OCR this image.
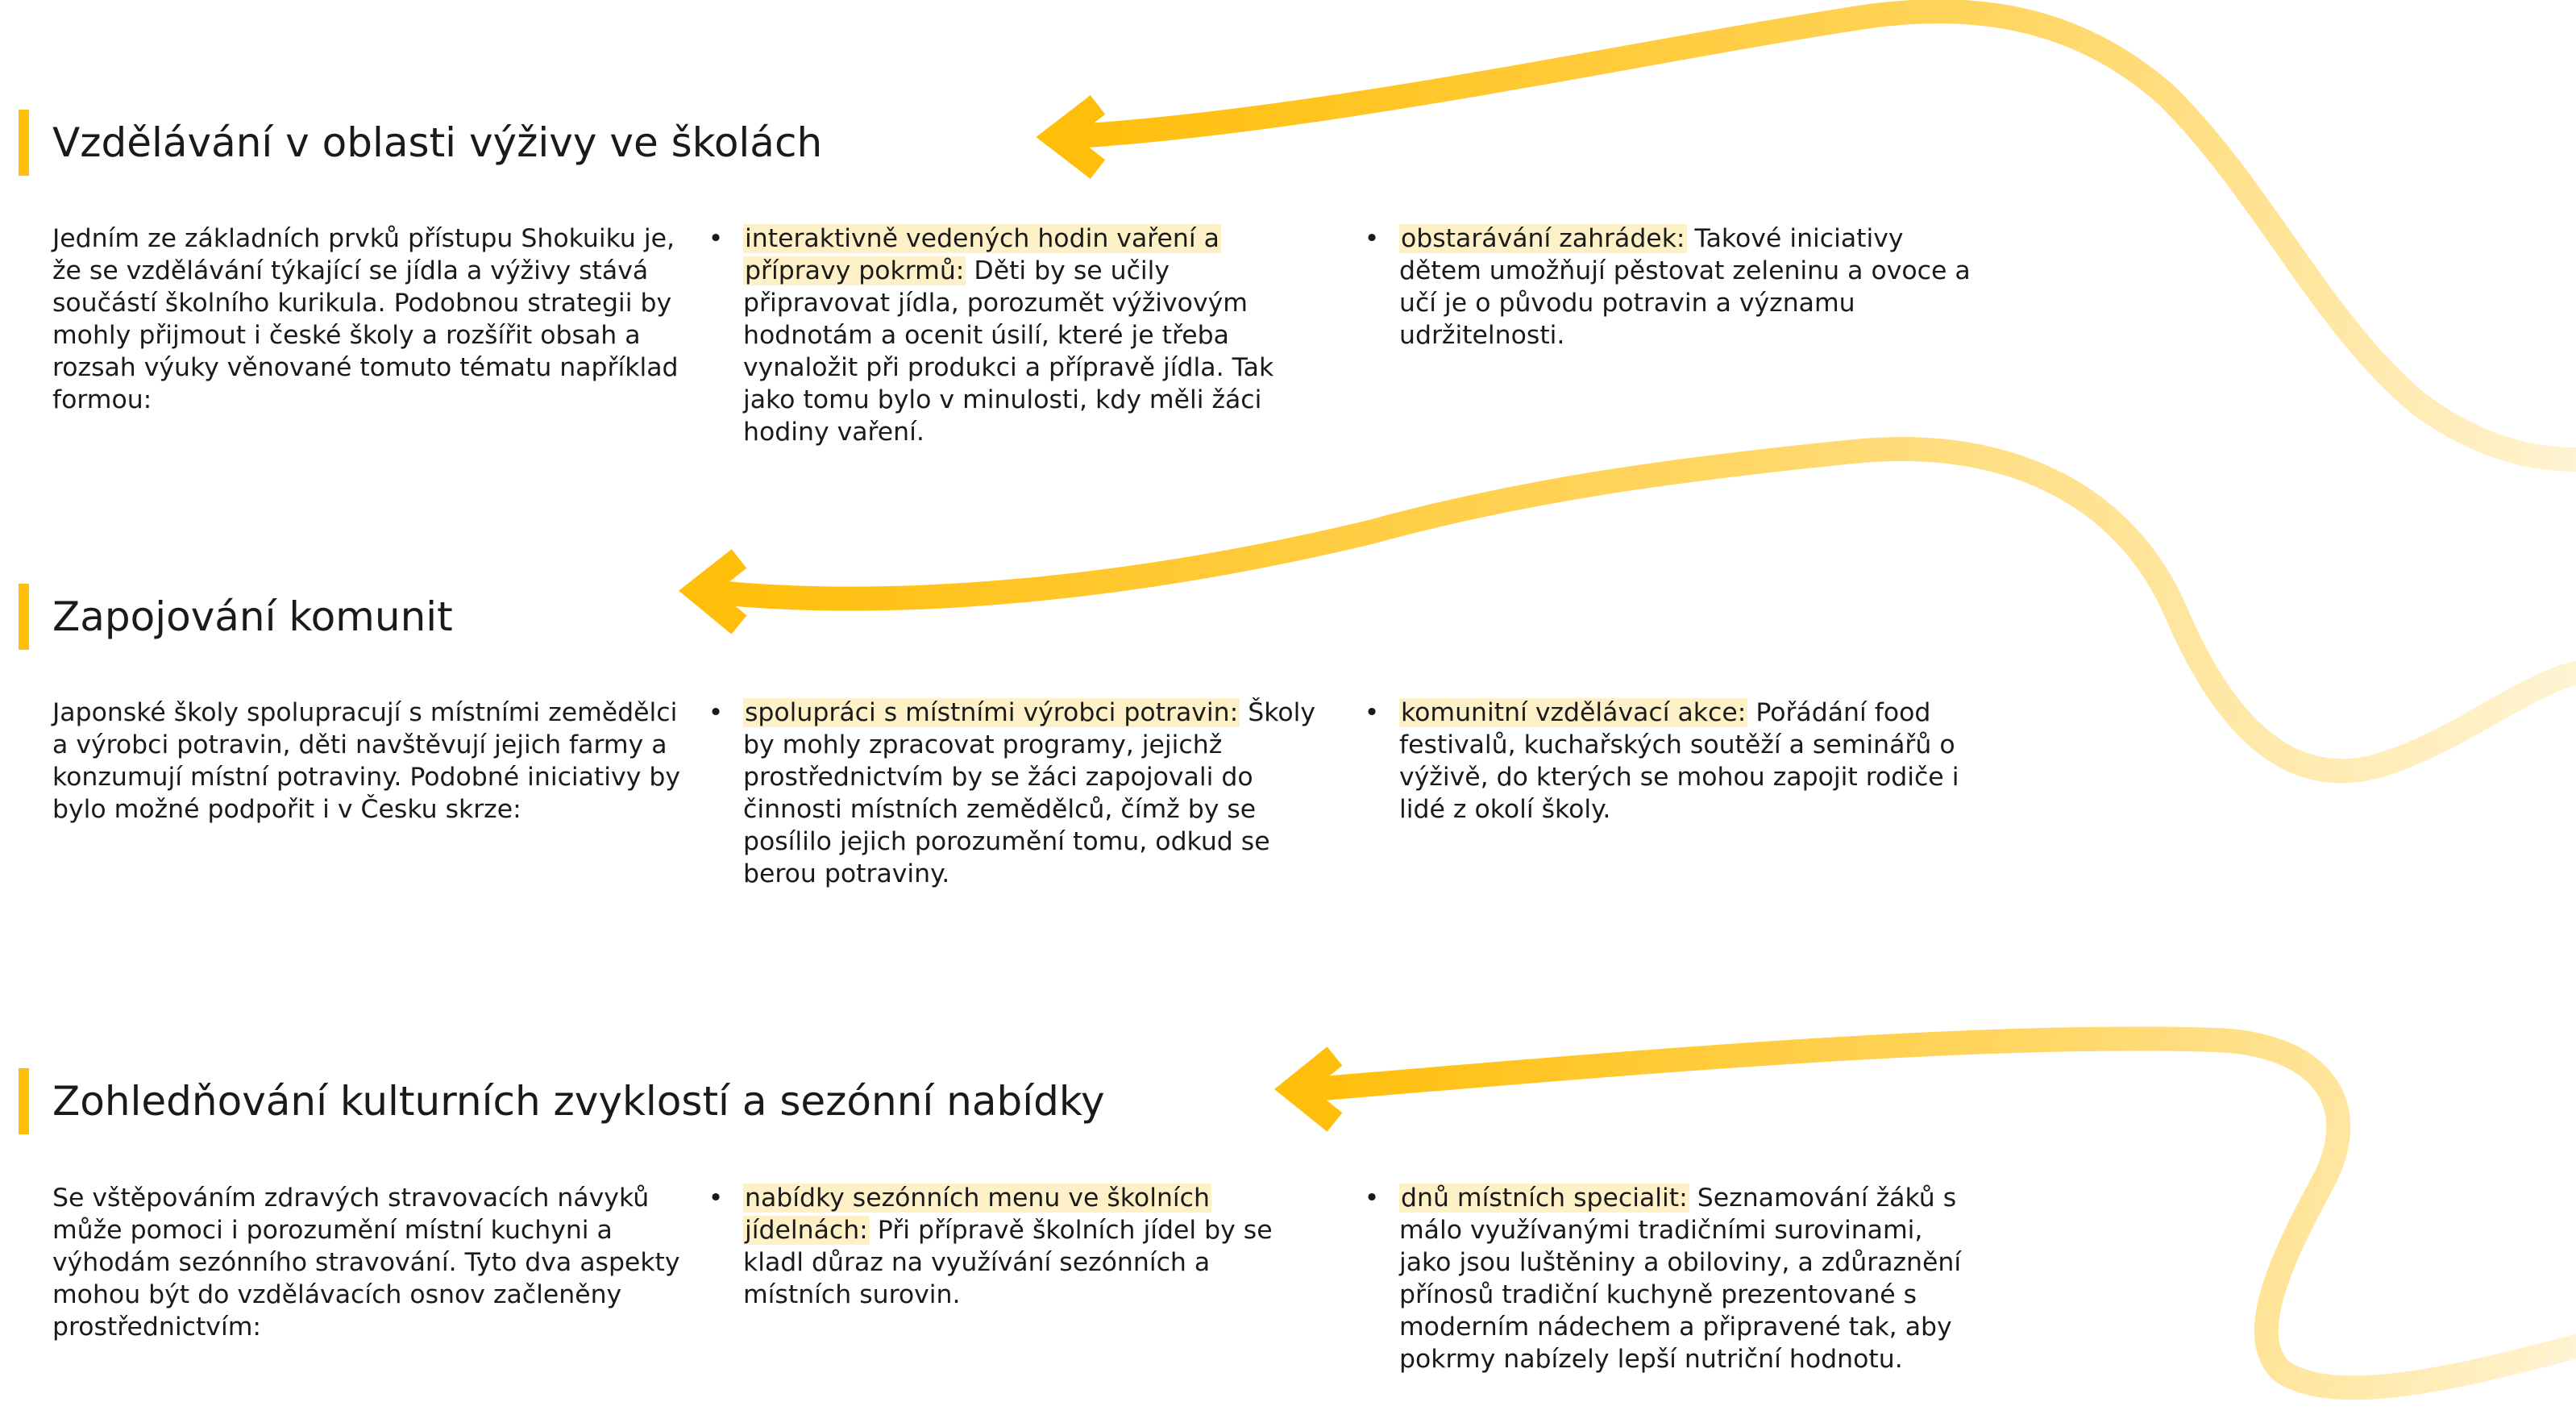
Vzdělávání v oblasti výživy ve školách

Jedním ze základních prvků přístupu Shokuiku je, že se vzdělávání týkající se jídla a výživy stává součástí školního kurikula. Podobnou strategii by mohly přijmout i české školy a rozšířit obsah a rozsah výuky věnované tomuto tématu například formou:

• interaktivně vedených hodin vaření a přípravy pokrmů: Děti by se učily připravovat jídla, porozumět výživovým hodnotám a ocenit úsilí, které je třeba vynaložit při produkci a přípravě jídla. Tak jako tomu bylo v minulosti, kdy měli žáci hodiny vaření.
• obstarávání zahrádek: Takové iniciativy dětem umožňují pěstovat zeleninu a ovoce a učí je o původu potravin a významu udržitelnosti.
Zapojování komunit

Japonské školy spolupracují s místními zemědělci a výrobci potravin, děti navštěvují jejich farmy a konzumují místní potraviny. Podobné iniciativy by bylo možné podpořit i v Česku skrze:

• spolupráci s místními výrobci potravin: Školy by mohly zpracovat programy, jejichž prostřednictvím by se žáci zapojovali do činnosti místních zemědělců, čímž by se posílilo jejich porozumění tomu, odkud se berou potraviny.
• komunitní vzdělávací akce: Pořádání food festivalů, kuchařských soutěží a seminářů o výživě, do kterých se mohou zapojit rodiče i lidé z okolí školy.
Zohledňování kulturních zvyklostí a sezónní nabídky

Se vštěpováním zdravých stravovacích návyků může pomoci i porozumění místní kuchyni a výhodám sezónního stravování. Tyto dva aspekty mohou být do vzdělávacích osnov začleněny prostřednictvím:

• nabídky sezónních menu ve školních jídelnách: Při přípravě školních jídel by se kladl důraz na využívání sezónních a místních surovin.
• dnů místních specialit: Seznamování žáků s málo využívanými tradičními surovinami, jako jsou luštěniny a obiloviny, a zdůraznění přínosů tradiční kuchyně prezentované s moderním nádechem a připravené tak, aby pokrmy nabízely lepší nutriční hodnotu.
